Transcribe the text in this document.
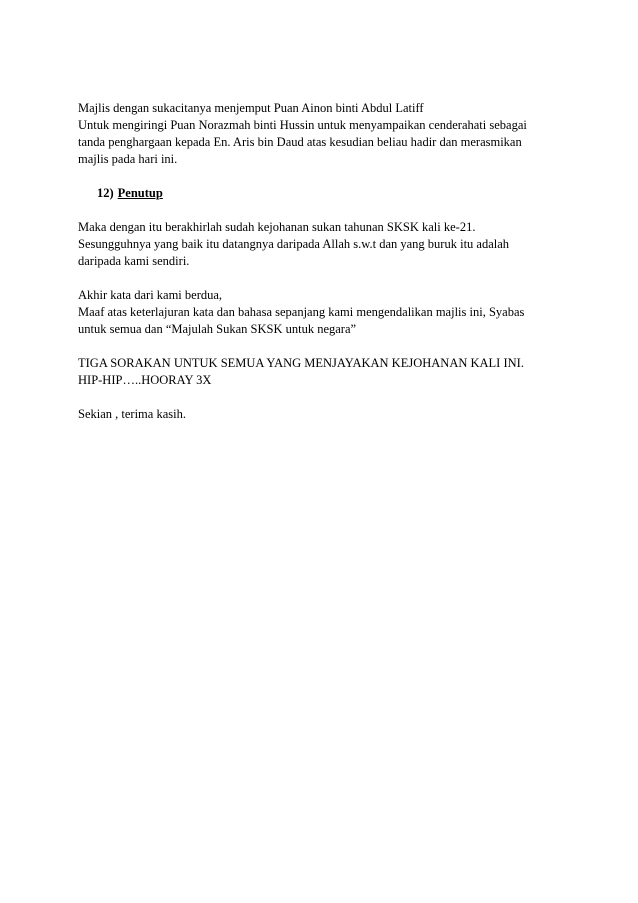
Majlis dengan sukacitanya menjemput Puan Ainon binti Abdul Latiff
Untuk mengiringi Puan Norazmah binti Hussin untuk menyampaikan cenderahati sebagai
tanda penghargaan kepada En. Aris bin Daud atas kesudian beliau hadir dan merasmikan
majlis pada hari ini.
12) Penutup
Maka dengan itu berakhirlah sudah kejohanan sukan tahunan SKSK kali ke-21.
Sesungguhnya yang baik itu datangnya daripada Allah s.w.t dan yang buruk itu adalah
daripada kami sendiri.
Akhir kata dari kami berdua,
Maaf atas keterlajuran kata dan bahasa sepanjang kami mengendalikan majlis ini, Syabas
untuk semua dan “Majulah Sukan SKSK untuk negara”
TIGA SORAKAN UNTUK SEMUA YANG MENJAYAKAN KEJOHANAN KALI INI.
HIP-HIP…..HOORAY 3X
Sekian , terima kasih.
